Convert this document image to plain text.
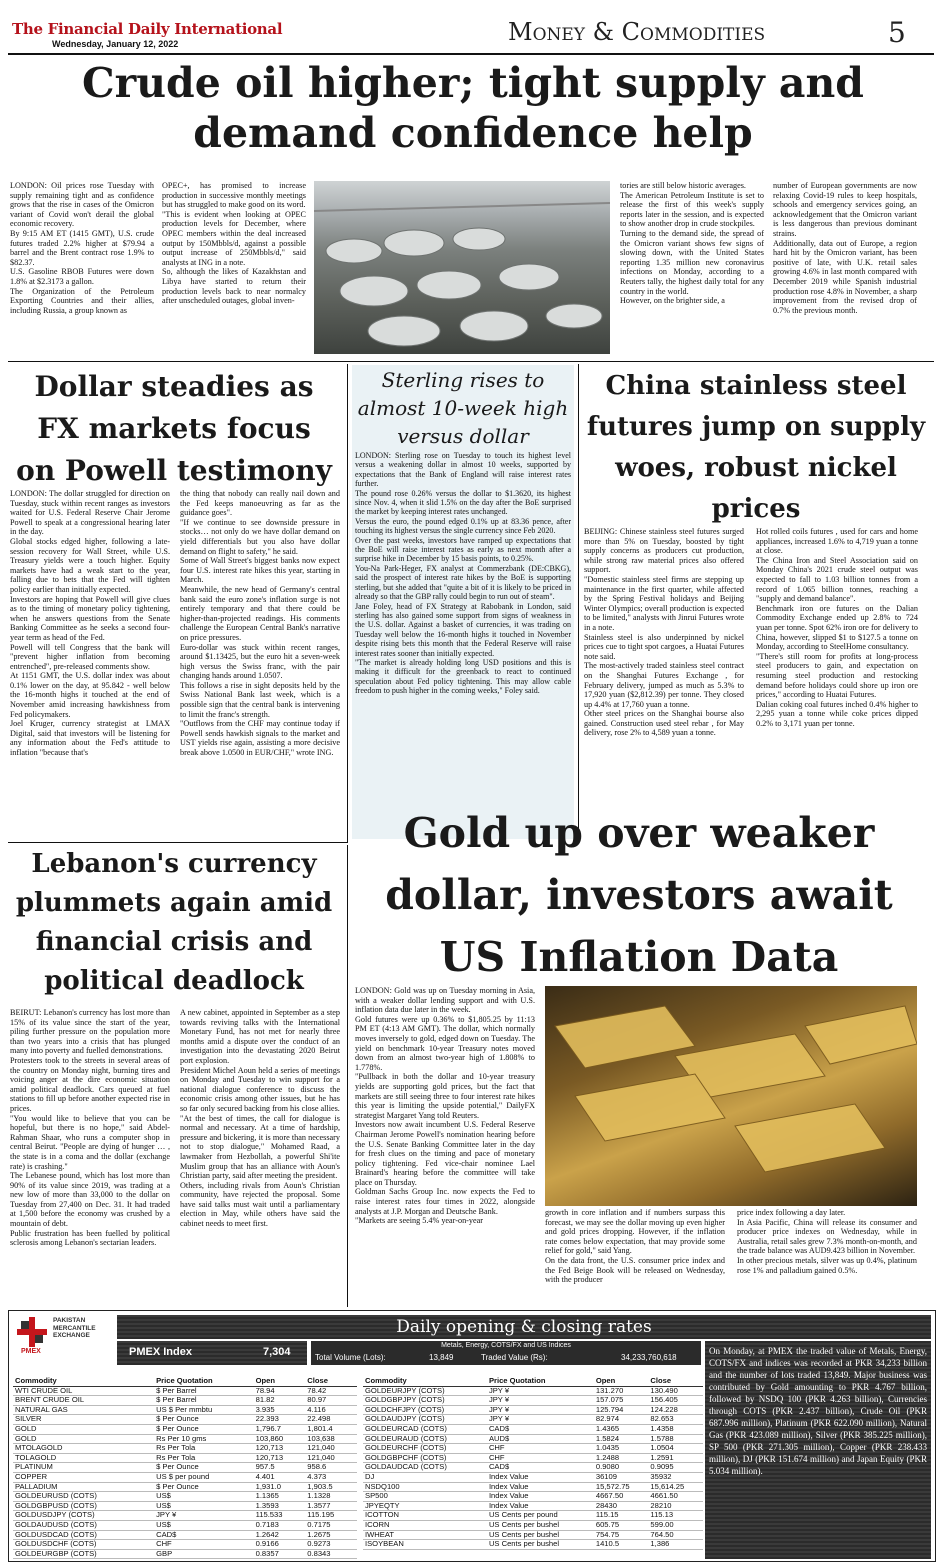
The Financial Daily International
Wednesday, January 12, 2022	Money & Commodities	5
Crude oil higher; tight supply and demand confidence help
LONDON: Oil prices rose Tuesday with supply remaining tight and as confidence grows that the rise in cases of the Omicron variant of Covid won't derail the global economic recovery.
By 9:15 AM ET (1415 GMT), U.S. crude futures traded 2.2% higher at $79.94 a barrel and the Brent contract rose 1.9% to $82.37.
U.S. Gasoline RBOB Futures were down 1.8% at $2.3173 a gallon.
The Organization of the Petroleum Exporting Countries and their allies, including Russia, a group known as
OPEC+, has promised to increase production in successive monthly meetings but has struggled to make good on its word.
"This is evident when looking at OPEC production levels for December, where OPEC members within the deal increased output by 150Mbbls/d, against a possible output increase of 250Mbbls/d," said analysts at ING in a note.
So, although the likes of Kazakhstan and Libya have started to return their production levels back to near normalcy after unscheduled outages, global inven-
tories are still below historic averages.
The American Petroleum Institute is set to release the first of this week's supply reports later in the session, and is expected to show another drop in crude stockpiles.
Turning to the demand side, the spread of the Omicron variant shows few signs of slowing down, with the United States reporting 1.35 million new coronavirus infections on Monday, according to a Reuters tally, the highest daily total for any country in the world.
However, on the brighter side, a
number of European governments are now relaxing Covid-19 rules to keep hospitals, schools and emergency services going, an acknowledgement that the Omicron variant is less dangerous than previous dominant strains.
Additionally, data out of Europe, a region hard hit by the Omicron variant, has been positive of late, with U.K. retail sales growing 4.6% in last month compared with December 2019 while Spanish industrial production rose 4.8% in November, a sharp improvement from the revised drop of 0.7% the previous month.
Dollar steadies as FX markets focus on Powell testimony
LONDON: The dollar struggled for direction on Tuesday, stuck within recent ranges as investors waited for U.S. Federal Reserve Chair Jerome Powell to speak at a congressional hearing later in the day.
Global stocks edged higher, following a late-session recovery for Wall Street, while U.S. Treasury yields were a touch higher. Equity markets have had a weak start to the year, falling due to bets that the Fed will tighten policy earlier than initially expected.
Investors are hoping that Powell will give clues as to the timing of monetary policy tightening, when he answers questions from the Senate Banking Committee as he seeks a second four-year term as head of the Fed.
Powell will tell Congress that the bank will "prevent higher inflation from becoming entrenched", pre-released comments show.
At 1151 GMT, the U.S. dollar index was about 0.1% lower on the day, at 95.842 - well below the 16-month highs it touched at the end of November amid increasing hawkishness from Fed policymakers.
Joel Kruger, currency strategist at LMAX Digital, said that investors will be listening for any information about the Fed's attitude to inflation "because that's
the thing that nobody can really nail down and the Fed keeps manoeuvring as far as the guidance goes".
"If we continue to see downside pressure in stocks… not only do we have dollar demand on yield differentials but you also have dollar demand on flight to safety," he said.
Some of Wall Street's biggest banks now expect four U.S. interest rate hikes this year, starting in March.
Meanwhile, the new head of Germany's central bank said the euro zone's inflation surge is not entirely temporary and that there could be higher-than-projected readings. His comments challenge the European Central Bank's narrative on price pressures.
Euro-dollar was stuck within recent ranges, around $1.13425, but the euro hit a seven-week high versus the Swiss franc, with the pair changing hands around 1.0507.
This follows a rise in sight deposits held by the Swiss National Bank last week, which is a possible sign that the central bank is intervening to limit the franc's strength.
"Outflows from the CHF may continue today if Powell sends hawkish signals to the market and UST yields rise again, assisting a more decisive break above 1.0500 in EUR/CHF," wrote ING.
Sterling rises to almost 10-week high versus dollar
LONDON: Sterling rose on Tuesday to touch its highest level versus a weakening dollar in almost 10 weeks, supported by expectations that the Bank of England will raise interest rates further.
The pound rose 0.26% versus the dollar to $1.3620, its highest since Nov. 4, when it slid 1.5% on the day after the BoE surprised the market by keeping interest rates unchanged.
Versus the euro, the pound edged 0.1% up at 83.36 pence, after touching its highest versus the single currency since Feb 2020.
Over the past weeks, investors have ramped up expectations that the BoE will raise interest rates as early as next month after a surprise hike in December by 15 basis points, to 0.25%.
You-Na Park-Heger, FX analyst at Commerzbank (DE:CBKG), said the prospect of interest rate hikes by the BoE is supporting sterling, but she added that "quite a bit of it is likely to be priced in already so that the GBP rally could begin to run out of steam".
Jane Foley, head of FX Strategy at Rabobank in London, said sterling has also gained some support from signs of weakness in the U.S. dollar. Against a basket of currencies, it was trading on Tuesday well below the 16-month highs it touched in November despite rising bets this month that the Federal Reserve will raise interest rates sooner than initially expected.
"The market is already holding long USD positions and this is making it difficult for the greenback to react to continued speculation about Fed policy tightening. This may allow cable freedom to push higher in the coming weeks," Foley said.
China stainless steel futures jump on supply woes, robust nickel prices
BEIJING: Chinese stainless steel futures surged more than 5% on Tuesday, boosted by tight supply concerns as producers cut production, while strong raw material prices also offered support.
"Domestic stainless steel firms are stepping up maintenance in the first quarter, while affected by the Spring Festival holidays and Beijing Winter Olympics; overall production is expected to be limited," analysts with Jinrui Futures wrote in a note.
Stainless steel is also underpinned by nickel prices cue to tight spot cargoes, a Huatai Futures note said.
The most-actively traded stainless steel contract on the Shanghai Futures Exchange , for February delivery, jumped as much as 5.3% to 17,920 yuan ($2,812.39) per tonne. They closed up 4.4% at 17,760 yuan a tonne.
Other steel prices on the Shanghai bourse also gained. Construction used steel rebar , for May delivery, rose 2% to 4,589 yuan a tonne.
Hot rolled coils futures , used for cars and home appliances, increased 1.6% to 4,719 yuan a tonne at close.
The China Iron and Steel Association said on Monday China's 2021 crude steel output was expected to fall to 1.03 billion tonnes from a record of 1.065 billion tonnes, reaching a "supply and demand balance".
Benchmark iron ore futures on the Dalian Commodity Exchange ended up 2.8% to 724 yuan per tonne. Spot 62% iron ore for delivery to China, however, slipped $1 to $127.5 a tonne on Monday, according to SteelHome consultancy.
"There's still room for profits at long-process steel producers to gain, and expectation on resuming steel production and restocking demand before holidays could shore up iron ore prices," according to Huatai Futures.
Dalian coking coal futures inched 0.4% higher to 2,295 yuan a tonne while coke prices dipped 0.2% to 3,171 yuan per tonne.
Lebanon's currency plummets again amid financial crisis and political deadlock
BEIRUT: Lebanon's currency has lost more than 15% of its value since the start of the year, piling further pressure on the population more than two years into a crisis that has plunged many into poverty and fuelled demonstrations.
Protesters took to the streets in several areas of the country on Monday night, burning tires and voicing anger at the dire economic situation amid political deadlock. Cars queued at fuel stations to fill up before another expected rise in prices.
"You would like to believe that you can be hopeful, but there is no hope," said Abdel-Rahman Shaar, who runs a computer shop in central Beirut. "People are dying of hunger … , the state is in a coma and the dollar (exchange rate) is crashing."
The Lebanese pound, which has lost more than 90% of its value since 2019, was trading at a new low of more than 33,000 to the dollar on Tuesday from 27,400 on Dec. 31. It had traded at 1,500 before the economy was crushed by a mountain of debt.
Public frustration has been fuelled by political sclerosis among Lebanon's sectarian leaders.
A new cabinet, appointed in September as a step towards reviving talks with the International Monetary Fund, has not met for nearly three months amid a dispute over the conduct of an investigation into the devastating 2020 Beirut port explosion.
President Michel Aoun held a series of meetings on Monday and Tuesday to win support for a national dialogue conference to discuss the economic crisis among other issues, but he has so far only secured backing from his close allies.
"At the best of times, the call for dialogue is normal and necessary. At a time of hardship, pressure and bickering, it is more than necessary not to stop dialogue," Mohamed Raad, a lawmaker from Hezbollah, a powerful Shi'ite Muslim group that has an alliance with Aoun's Christian party, said after meeting the president.
Others, including rivals from Aoun's Christian community, have rejected the proposal. Some have said talks must wait until a parliamentary election in May, while others have said the cabinet needs to meet first.
Gold up over weaker dollar, investors await US Inflation Data
LONDON: Gold was up on Tuesday morning in Asia, with a weaker dollar lending support and with U.S. inflation data due later in the week.
Gold futures were up 0.36% to $1,805.25 by 11:13 PM ET (4:13 AM GMT). The dollar, which normally moves inversely to gold, edged down on Tuesday. The yield on benchmark 10-year Treasury notes moved down from an almost two-year high of 1.808% to 1.778%.
"Pullback in both the dollar and 10-year treasury yields are supporting gold prices, but the fact that markets are still seeing three to four interest rate hikes this year is limiting the upside potential," DailyFX strategist Margaret Yang told Reuters.
Investors now await incumbent U.S. Federal Reserve Chairman Jerome Powell's nomination hearing before the U.S. Senate Banking Committee later in the day for fresh clues on the timing and pace of monetary policy tightening. Fed vice-chair nominee Lael Brainard's hearing before the committee will take place on Thursday.
Goldman Sachs Group Inc. now expects the Fed to raise interest rates four times in 2022, alongside analysts at J.P. Morgan and Deutsche Bank.
"Markets are seeing 5.4% year-on-year
growth in core inflation and if numbers surpass this forecast, we may see the dollar moving up even higher and gold prices dropping. However, if the inflation rate comes below expectation, that may provide some relief for gold," said Yang.
On the data front, the U.S. consumer price index and the Fed Beige Book will be released on Wednesday, with the producer
price index following a day later.
In Asia Pacific, China will release its consumer and producer price indexes on Wednesday, while in Australia, retail sales grew 7.3% month-on-month, and the trade balance was AUD9.423 billion in November.
In other precious metals, silver was up 0.4%, platinum rose 1% and palladium gained 0.5%.
PAKISTAN MERCANTILE EXCHANGE
PMEX
Daily opening & closing rates
PMEX Index	7,304
Metals, Energy, COTS/FX and US Indices
Total Volume (Lots):	13,849	Traded Value (Rs):	34,233,760,618
Commodity	Price Quotation	Open	Close
WTI CRUDE OIL	$ Per Barrel	78.94	78.42
BRENT CRUDE OIL	$ Per Barrel	81.82	80.97
NATURAL GAS	US $ Per mmbtu	3.935	4.116
SILVER	$ Per Ounce	22.393	22.498
GOLD	$ Per Ounce	1,796.7	1,801.4
GOLD	Rs Per 10 gms	103,860	103,638
MTOLAGOLD	Rs Per Tola	120,713	121,040
TOLAGOLD	Rs Per Tola	120,713	121,040
PLATINUM	$ Per Ounce	957.5	958.6
COPPER	US $ per pound	4.401	4.373
PALLADIUM	$ Per Ounce	1,931.0	1,903.5
GOLDEURUSD (COTS)	US$	1.1365	1.1328
GOLDGBPUSD (COTS)	US$	1.3593	1.3577
GOLDUSDJPY (COTS)	JPY ¥	115.533	115.195
GOLDAUDUSD (COTS)	US$	0.7183	0.7175
GOLDUSDCAD (COTS)	CAD$	1.2642	1.2675
GOLDUSDCHF (COTS)	CHF	0.9166	0.9273
GOLDEURGBP (COTS)	GBP	0.8357	0.8343
Commodity	Price Quotation	Open	Close
GOLDEURJPY (COTS)	JPY ¥	131.270	130.490
GOLDGBPJPY (COTS)	JPY ¥	157.075	156.405
GOLDCHFJPY (COTS)	JPY ¥	125.794	124.228
GOLDAUDJPY (COTS)	JPY ¥	82.974	82.653
GOLDEURCAD (COTS)	CAD$	1.4365	1.4358
GOLDEURAUD (COTS)	AUD$	1.5824	1.5788
GOLDEURCHF (COTS)	CHF	1.0435	1.0504
GOLDGBPCHF (COTS)	CHF	1.2488	1.2591
GOLDAUDCAD (COTS)	CAD$	0.9080	0.9095
DJ	Index Value	36109	35932
NSDQ100	Index Value	15,572.75	15,614.25
SP500	Index Value	4667.50	4661.50
JPYEQTY	Index Value	28430	28210
ICOTTON	US Cents per pound	115.15	115.13
ICORN	US Cents per bushel	605.75	599.00
IWHEAT	US Cents per bushel	754.75	764.50
ISOYBEAN	US Cents per bushel	1410.5	1,386
On Monday, at PMEX the traded value of Metals, Energy, COTS/FX and indices was recorded at PKR 34,233 billion and the number of lots traded 13,849. Major business was contributed by Gold amounting to PKR 4.767 billion, followed by NSDQ 100 (PKR 4.263 billion), Currencies through COTS (PKR 2.437 billion), Crude Oil (PKR 687.996 million), Platinum (PKR 622.090 million), Natural Gas (PKR 423.089 million), Silver (PKR 385.225 million), SP 500 (PKR 271.305 million), Copper (PKR 238.433 million), DJ (PKR 151.674 million) and Japan Equity (PKR 5.034 million).
